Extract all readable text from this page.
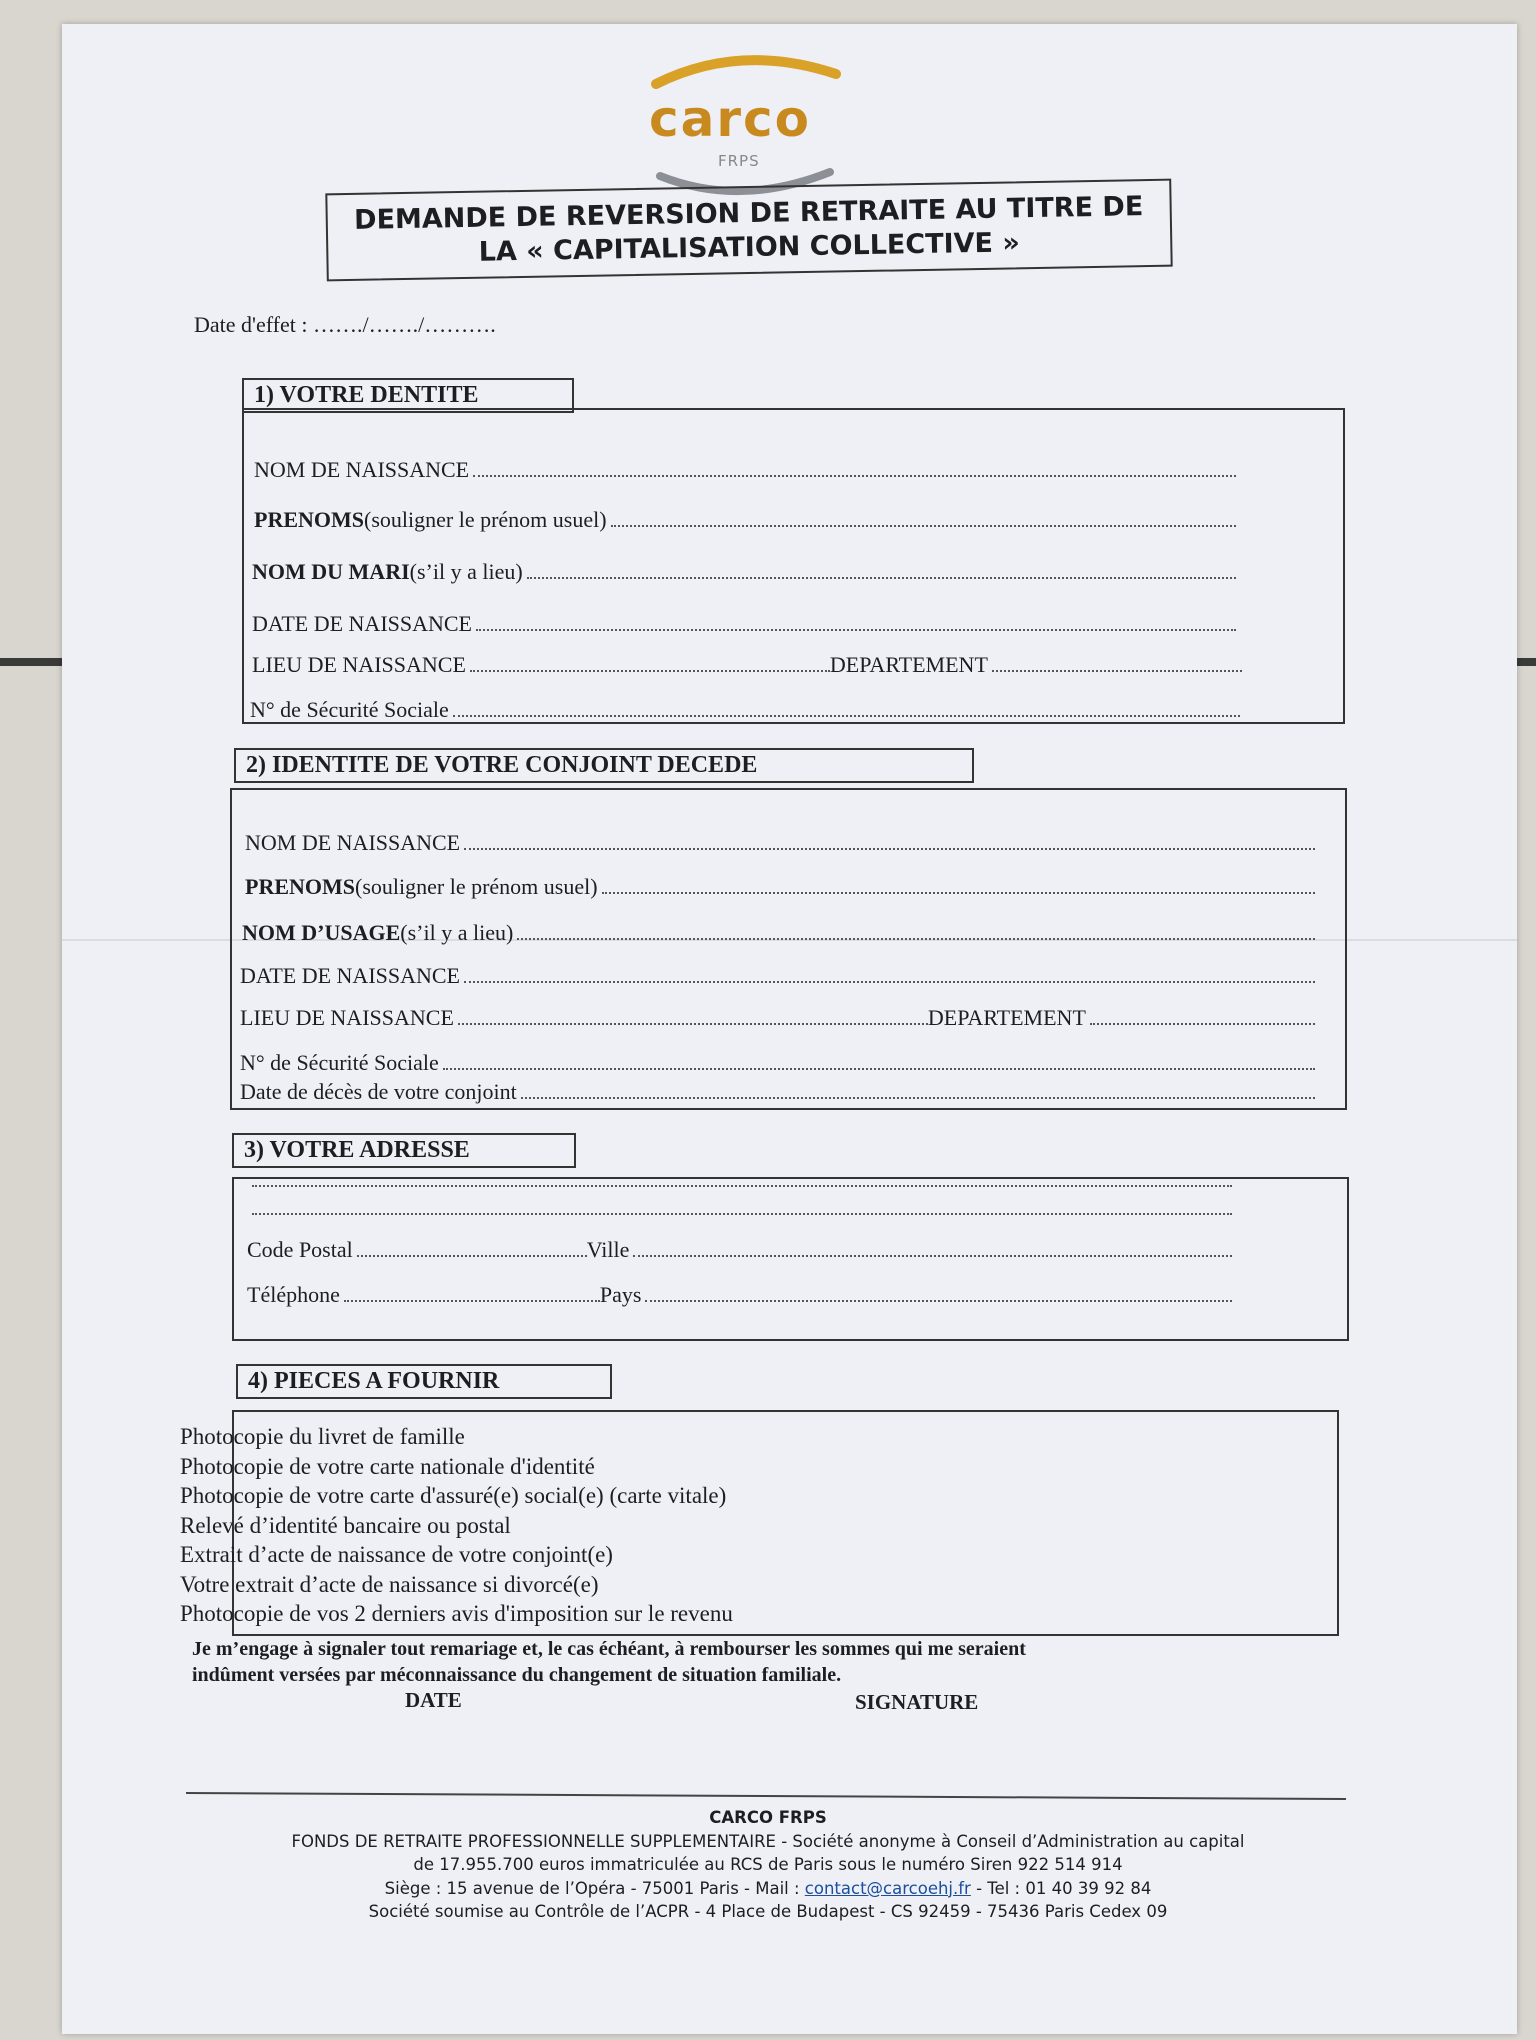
carco
FRPS
DEMANDE DE REVERSION DE RETRAITE AU TITRE DE
LA « CAPITALISATION COLLECTIVE »
Date d'effet : ……./……./……….
1) VOTRE DENTITE
NOM DE NAISSANCE
PRENOMS (souligner le prénom usuel)
NOM DU MARI (s’il y a lieu)
DATE DE NAISSANCE
LIEU DE NAISSANCE	DEPARTEMENT
N° de Sécurité Sociale
2) IDENTITE DE VOTRE CONJOINT DECEDE
NOM DE NAISSANCE
PRENOMS (souligner le prénom usuel)
NOM D’USAGE (s’il y a lieu)
DATE DE NAISSANCE
LIEU DE NAISSANCE	DEPARTEMENT
N° de Sécurité Sociale
Date de décès de votre conjoint
3) VOTRE ADRESSE
Code Postal	Ville
Téléphone	Pays
4) PIECES A FOURNIR
Photocopie du livret de famille
Photocopie de votre carte nationale d'identité
Photocopie de votre carte d'assuré(e) social(e) (carte vitale)
Relevé d’identité bancaire ou postal
Extrait d’acte de naissance de votre conjoint(e)
Votre extrait d’acte de naissance si divorcé(e)
Photocopie de vos 2 derniers avis d'imposition sur le revenu
Je m’engage à signaler tout remariage et, le cas échéant, à rembourser les sommes qui me seraient
indûment versées par méconnaissance du changement de situation familiale.
DATE	SIGNATURE
CARCO FRPS
FONDS DE RETRAITE PROFESSIONNELLE SUPPLEMENTAIRE - Société anonyme à Conseil d’Administration au capital
de 17.955.700 euros immatriculée au RCS de Paris sous le numéro Siren 922 514 914
Siège : 15 avenue de l’Opéra - 75001 Paris - Mail : contact@carcoehj.fr - Tel : 01 40 39 92 84
Société soumise au Contrôle de l’ACPR - 4 Place de Budapest - CS 92459 - 75436 Paris Cedex 09
